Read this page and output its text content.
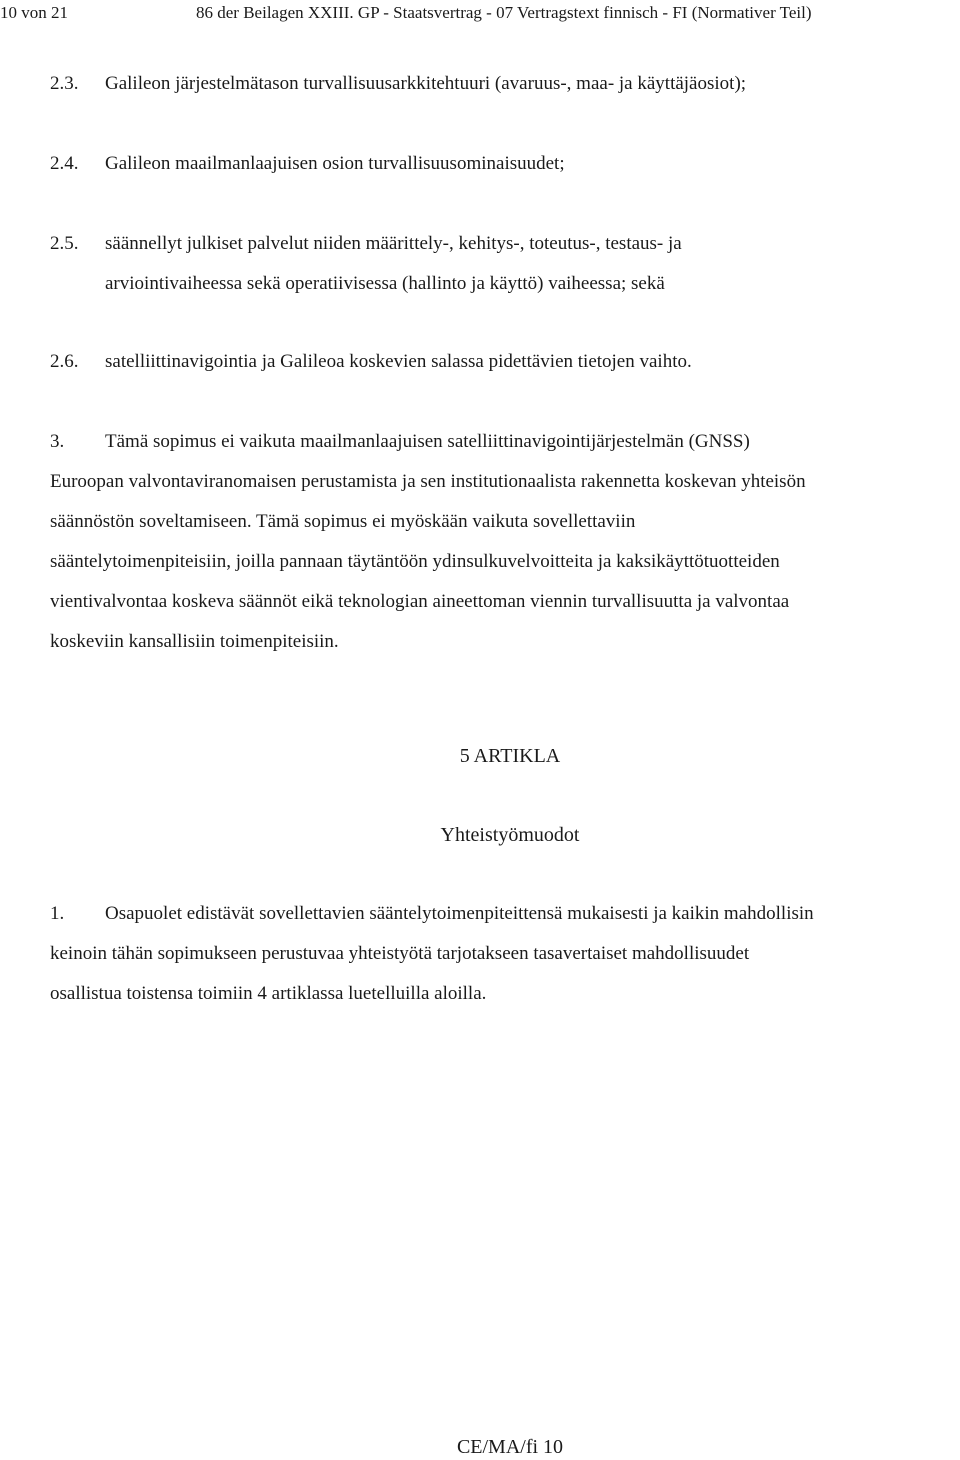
10 von 21	86 der Beilagen XXIII. GP - Staatsvertrag - 07 Vertragstext finnisch - FI (Normativer Teil)
2.3. Galileon järjestelmätason turvallisuusarkkitehtuuri (avaruus-, maa- ja käyttäjäosiot);
2.4. Galileon maailmanlaajuisen osion turvallisuusominaisuudet;
2.5. säännellyt julkiset palvelut niiden määrittely-, kehitys-, toteutus-, testaus- ja
arviointivaiheessa sekä operatiivisessa (hallinto ja käyttö) vaiheessa; sekä
2.6. satelliittinavigointia ja Galileoa koskevien salassa pidettävien tietojen vaihto.
3. Tämä sopimus ei vaikuta maailmanlaajuisen satelliittinavigointijärjestelmän (GNSS)
Euroopan valvontaviranomaisen perustamista ja sen institutionaalista rakennetta koskevan yhteisön
säännöstön soveltamiseen. Tämä sopimus ei myöskään vaikuta sovellettaviin
sääntelytoimenpiteisiin, joilla pannaan täytäntöön ydinsulkuvelvoitteita ja kaksikäyttötuotteiden
vientivalvontaa koskeva säännöt eikä teknologian aineettoman viennin turvallisuutta ja valvontaa
koskeviin kansallisiin toimenpiteisiin.
5 ARTIKLA
Yhteistyömuodot
1. Osapuolet edistävät sovellettavien sääntelytoimenpiteittensä mukaisesti ja kaikin mahdollisin
keinoin tähän sopimukseen perustuvaa yhteistyötä tarjotakseen tasavertaiset mahdollisuudet
osallistua toistensa toimiin 4 artiklassa luetelluilla aloilla.
CE/MA/fi 10
